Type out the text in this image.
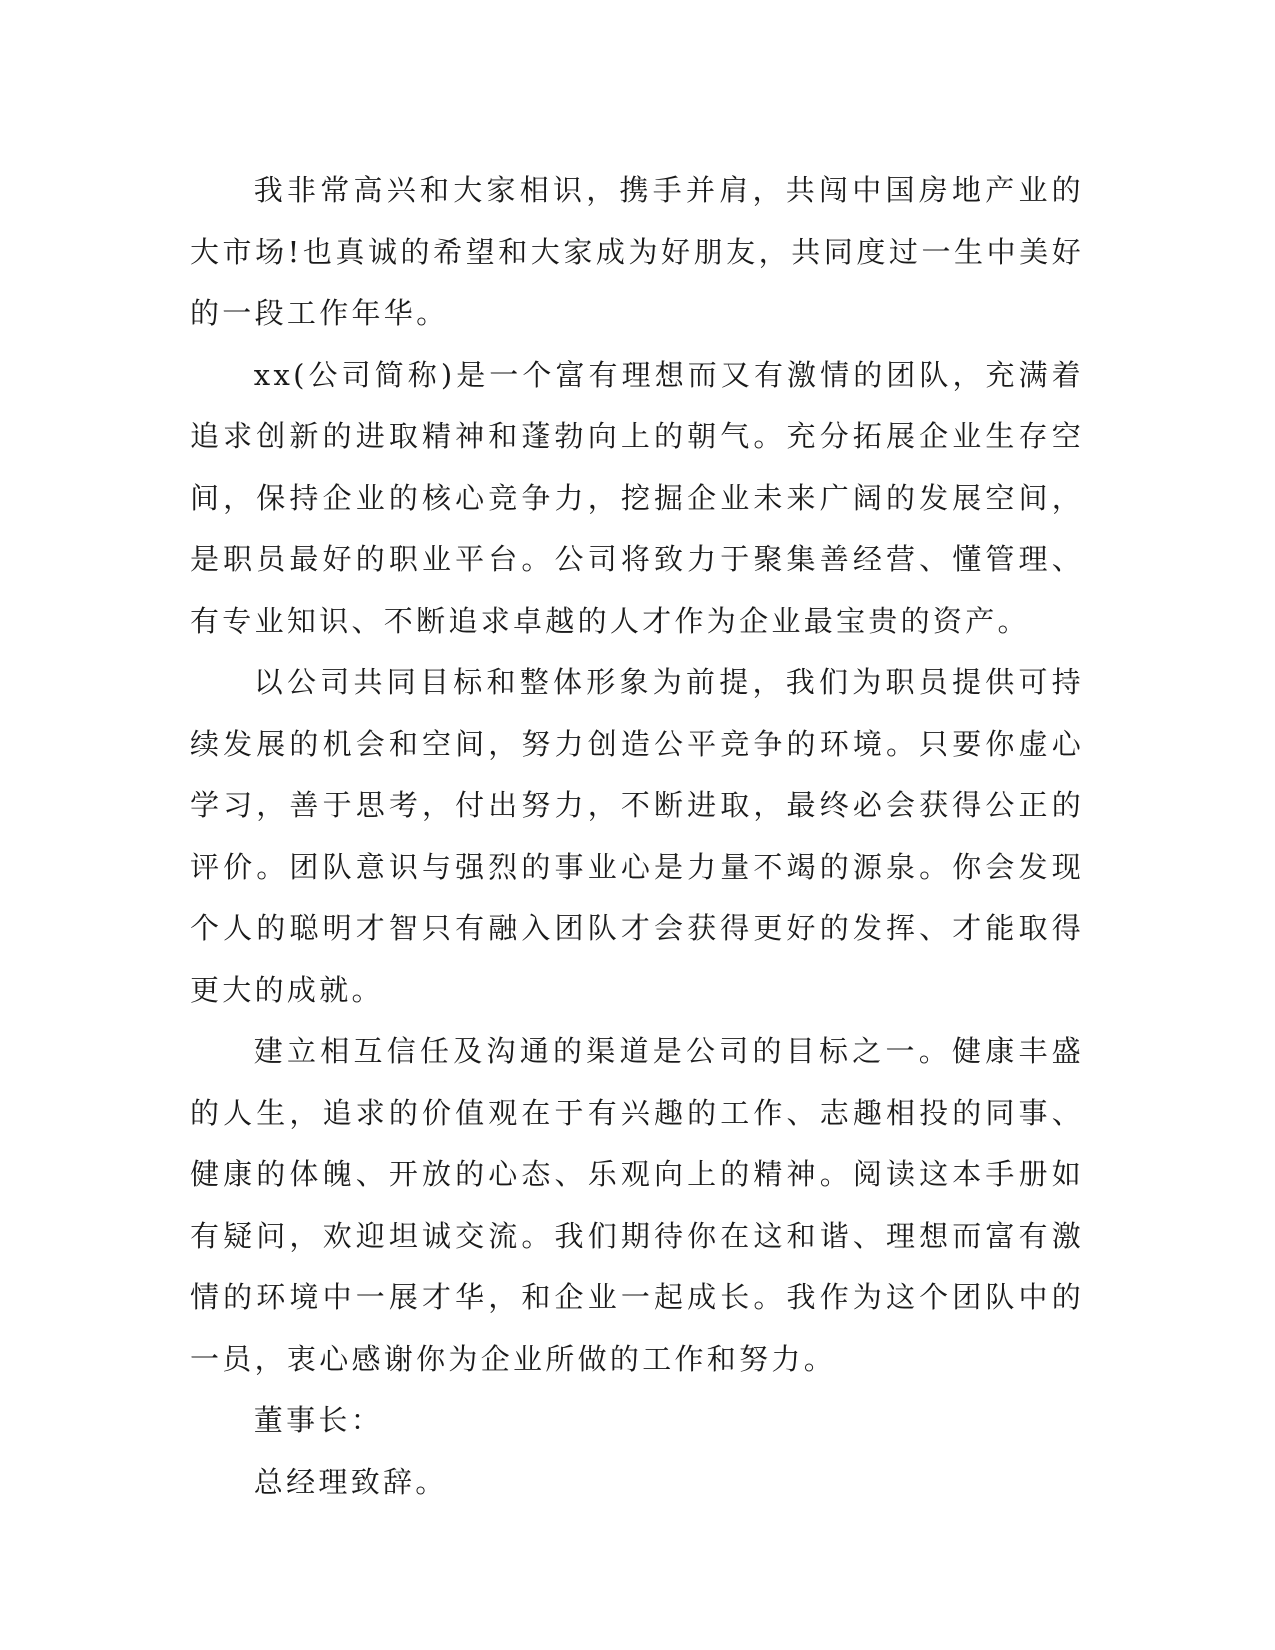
我非常高兴和大家相识，携手并肩，共闯中国房地产业的大市场!也真诚的希望和大家成为好朋友，共同度过一生中美好的一段工作年华。

xx(公司简称)是一个富有理想而又有激情的团队，充满着追求创新的进取精神和蓬勃向上的朝气。充分拓展企业生存空间，保持企业的核心竞争力，挖掘企业未来广阔的发展空间，是职员最好的职业平台。公司将致力于聚集善经营、懂管理、有专业知识、不断追求卓越的人才作为企业最宝贵的资产。

以公司共同目标和整体形象为前提，我们为职员提供可持续发展的机会和空间，努力创造公平竞争的环境。只要你虚心学习，善于思考，付出努力，不断进取，最终必会获得公正的评价。团队意识与强烈的事业心是力量不竭的源泉。你会发现个人的聪明才智只有融入团队才会获得更好的发挥、才能取得更大的成就。

建立相互信任及沟通的渠道是公司的目标之一。健康丰盛的人生，追求的价值观在于有兴趣的工作、志趣相投的同事、健康的体魄、开放的心态、乐观向上的精神。阅读这本手册如有疑问，欢迎坦诚交流。我们期待你在这和谐、理想而富有激情的环境中一展才华，和企业一起成长。我作为这个团队中的一员，衷心感谢你为企业所做的工作和努力。

董事长：

总经理致辞。
